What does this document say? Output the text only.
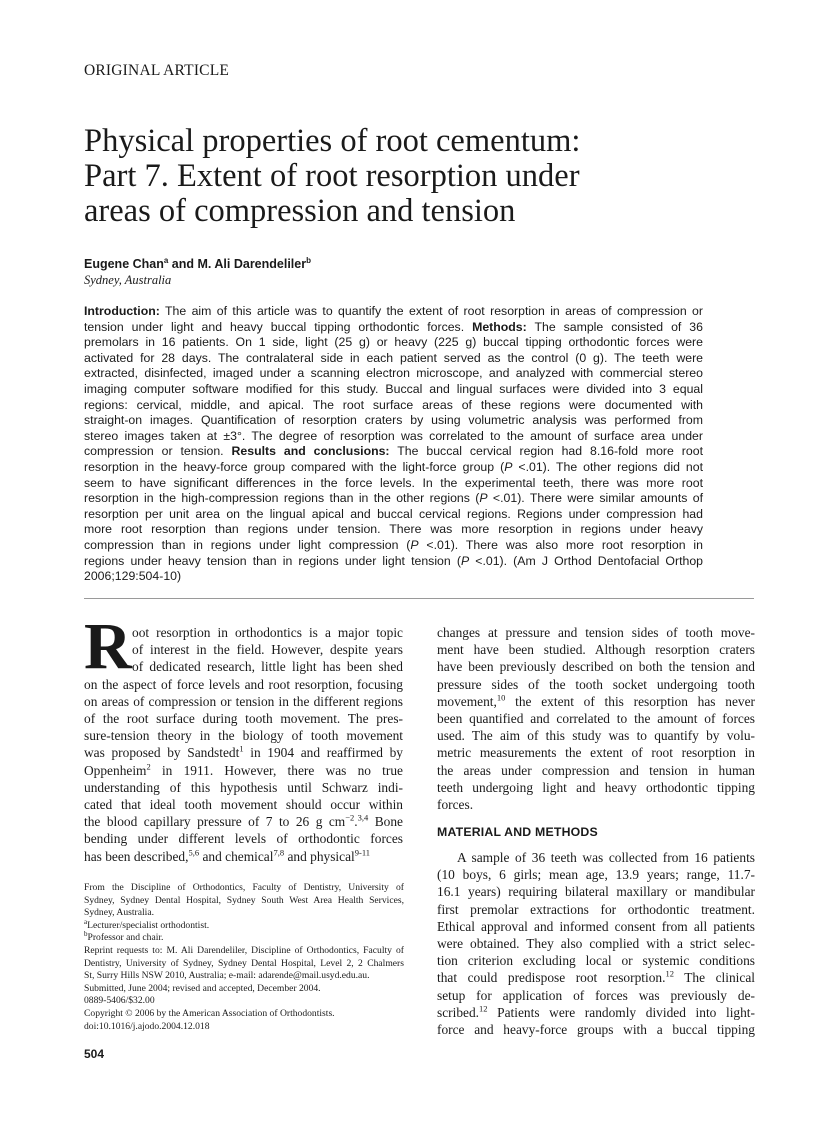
ORIGINAL ARTICLE
Physical properties of root cementum:
Part 7. Extent of root resorption under
areas of compression and tension
Eugene Chan$^a$ and M. Ali Darendeliler$^b$
Sydney, Australia
Introduction: The aim of this article was to quantify the extent of root resorption in areas of compression or
tension under light and heavy buccal tipping orthodontic forces. Methods: The sample consisted of 36
premolars in 16 patients. On 1 side, light (25 g) or heavy (225 g) buccal tipping orthodontic forces were
activated for 28 days. The contralateral side in each patient served as the control (0 g). The teeth were
extracted, disinfected, imaged under a scanning electron microscope, and analyzed with commercial stereo
imaging computer software modified for this study. Buccal and lingual surfaces were divided into 3 equal
regions: cervical, middle, and apical. The root surface areas of these regions were documented with
straight-on images. Quantification of resorption craters by using volumetric analysis was performed from
stereo images taken at ±3°. The degree of resorption was correlated to the amount of surface area under
compression or tension. Results and conclusions: The buccal cervical region had 8.16-fold more root
resorption in the heavy-force group compared with the light-force group (P <.01). The other regions did not
seem to have significant differences in the force levels. In the experimental teeth, there was more root
resorption in the high-compression regions than in the other regions (P <.01). There were similar amounts of
resorption per unit area on the lingual apical and buccal cervical regions. Regions under compression had
more root resorption than regions under tension. There was more resorption in regions under heavy
compression than in regions under light compression (P <.01). There was also more root resorption in
regions under heavy tension than in regions under light tension (P <.01). (Am J Orthod Dentofacial Orthop
2006;129:504-10)
R oot resorption in orthodontics is a major topic
of interest in the field. However, despite years
of dedicated research, little light has been shed
on the aspect of force levels and root resorption, focusing
on areas of compression or tension in the different regions
of the root surface during tooth movement. The pres-
sure-tension theory in the biology of tooth movement
was proposed by Sandstedt$^1$ in 1904 and reaffirmed by
Oppenheim$^2$ in 1911. However, there was no true
understanding of this hypothesis until Schwarz indi-
cated that ideal tooth movement should occur within
the blood capillary pressure of 7 to 26 g $cm^{-2}.^{3,4}$ Bone
bending under different levels of orthodontic forces
has been described,$^{5,6}$ and chemical$^{7,8}$ and physical$^{9-11}$
changes at pressure and tension sides of tooth move-
ment have been studied. Although resorption craters
have been previously described on both the tension and
pressure sides of the tooth socket undergoing tooth
movement,$^{10}$ the extent of this resorption has never
been quantified and correlated to the amount of forces
used. The aim of this study was to quantify by volu-
metric measurements the extent of root resorption in
the areas under compression and tension in human
teeth undergoing light and heavy orthodontic tipping
forces.
MATERIAL AND METHODS
A sample of 36 teeth was collected from 16 patients
(10 boys, 6 girls; mean age, 13.9 years; range, 11.7-
16.1 years) requiring bilateral maxillary or mandibular
first premolar extractions for orthodontic treatment.
Ethical approval and informed consent from all patients
were obtained. They also complied with a strict selec-
tion criterion excluding local or systemic conditions
that could predispose root resorption.$^{12}$ The clinical
setup for application of forces was previously de-
scribed.$^{12}$ Patients were randomly divided into light-
force and heavy-force groups with a buccal tipping
From the Discipline of Orthodontics, Faculty of Dentistry, University of
Sydney, Sydney Dental Hospital, Sydney South West Area Health Services,
Sydney, Australia.
$^a$Lecturer/specialist orthodontist.
$^b$Professor and chair.
Reprint requests to: M. Ali Darendeliler, Discipline of Orthodontics, Faculty of
Dentistry, University of Sydney, Sydney Dental Hospital, Level 2, 2 Chalmers
St, Surry Hills NSW 2010, Australia; e-mail: adarende@mail.usyd.edu.au.
Submitted, June 2004; revised and accepted, December 2004.
0889-5406/$32.00
Copyright © 2006 by the American Association of Orthodontists.
doi:10.1016/j.ajodo.2004.12.018
504
